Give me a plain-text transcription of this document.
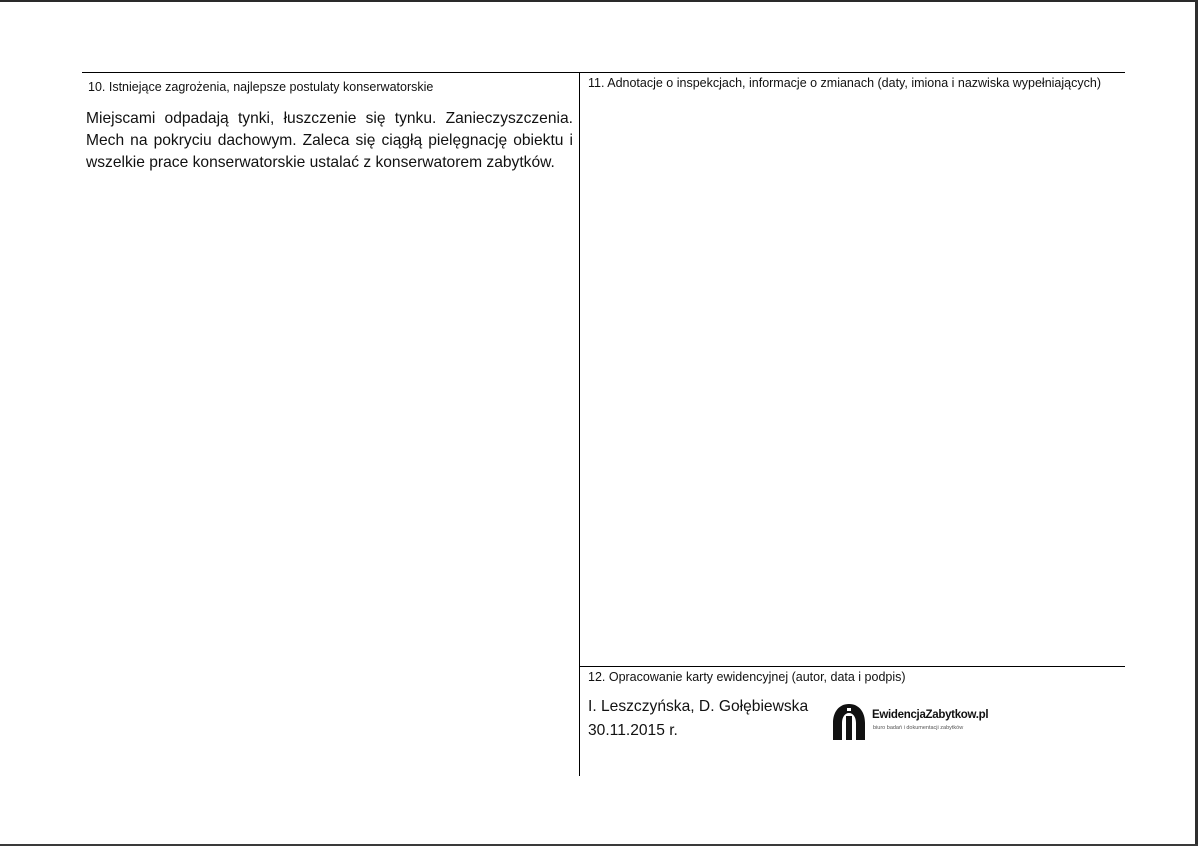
10. Istniejące zagrożenia, najlepsze postulaty konserwatorskie
Miejscami odpadają tynki, łuszczenie się tynku. Zanieczyszczenia. Mech na pokryciu dachowym. Zaleca się ciągłą pielęgnację obiektu i wszelkie prace konserwatorskie ustalać z konserwatorem zabytków.
11. Adnotacje o inspekcjach, informacje o zmianach (daty, imiona i nazwiska wypełniających)
12. Opracowanie karty ewidencyjnej (autor, data i podpis)
I. Leszczyńska, D. Gołębiewska
30.11.2015 r.
EwidencjaZabytkow.pl
biuro badań i dokumentacji zabytków
